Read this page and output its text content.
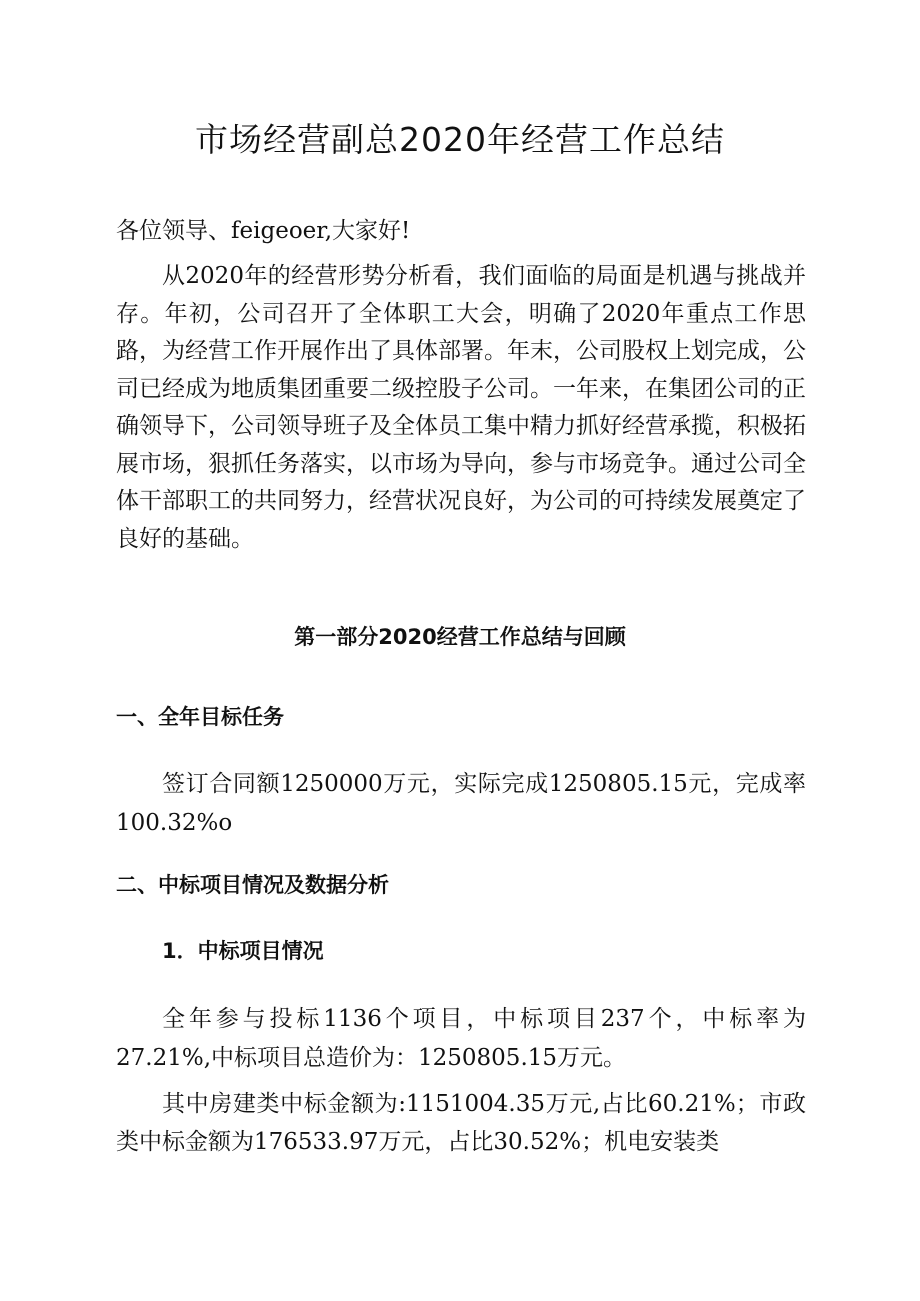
市场经营副总2020年经营工作总结

各位领导、feigeoer,大家好!

从2020年的经营形势分析看，我们面临的局面是机遇与挑战并存。年初，公司召开了全体职工大会，明确了2020年重点工作思路，为经营工作开展作出了具体部署。年末，公司股权上划完成，公司已经成为地质集团重要二级控股子公司。一年来，在集团公司的正确领导下，公司领导班子及全体员工集中精力抓好经营承揽，积极拓展市场，狠抓任务落实，以市场为导向，参与市场竞争。通过公司全体干部职工的共同努力，经营状况良好，为公司的可持续发展奠定了良好的基础。

第一部分2020经营工作总结与回顾
一、全年目标任务

签订合同额1250000万元，实际完成1250805.15元，完成率100.32%o

二、中标项目情况及数据分析
1．中标项目情况

全年参与投标1136个项目，中标项目237个，中标率为27.21%,中标项目总造价为：1250805.15万元。

其中房建类中标金额为:1151004.35万元,占比60.21%；市政类中标金额为176533.97万元，占比30.52%；机电安装类
